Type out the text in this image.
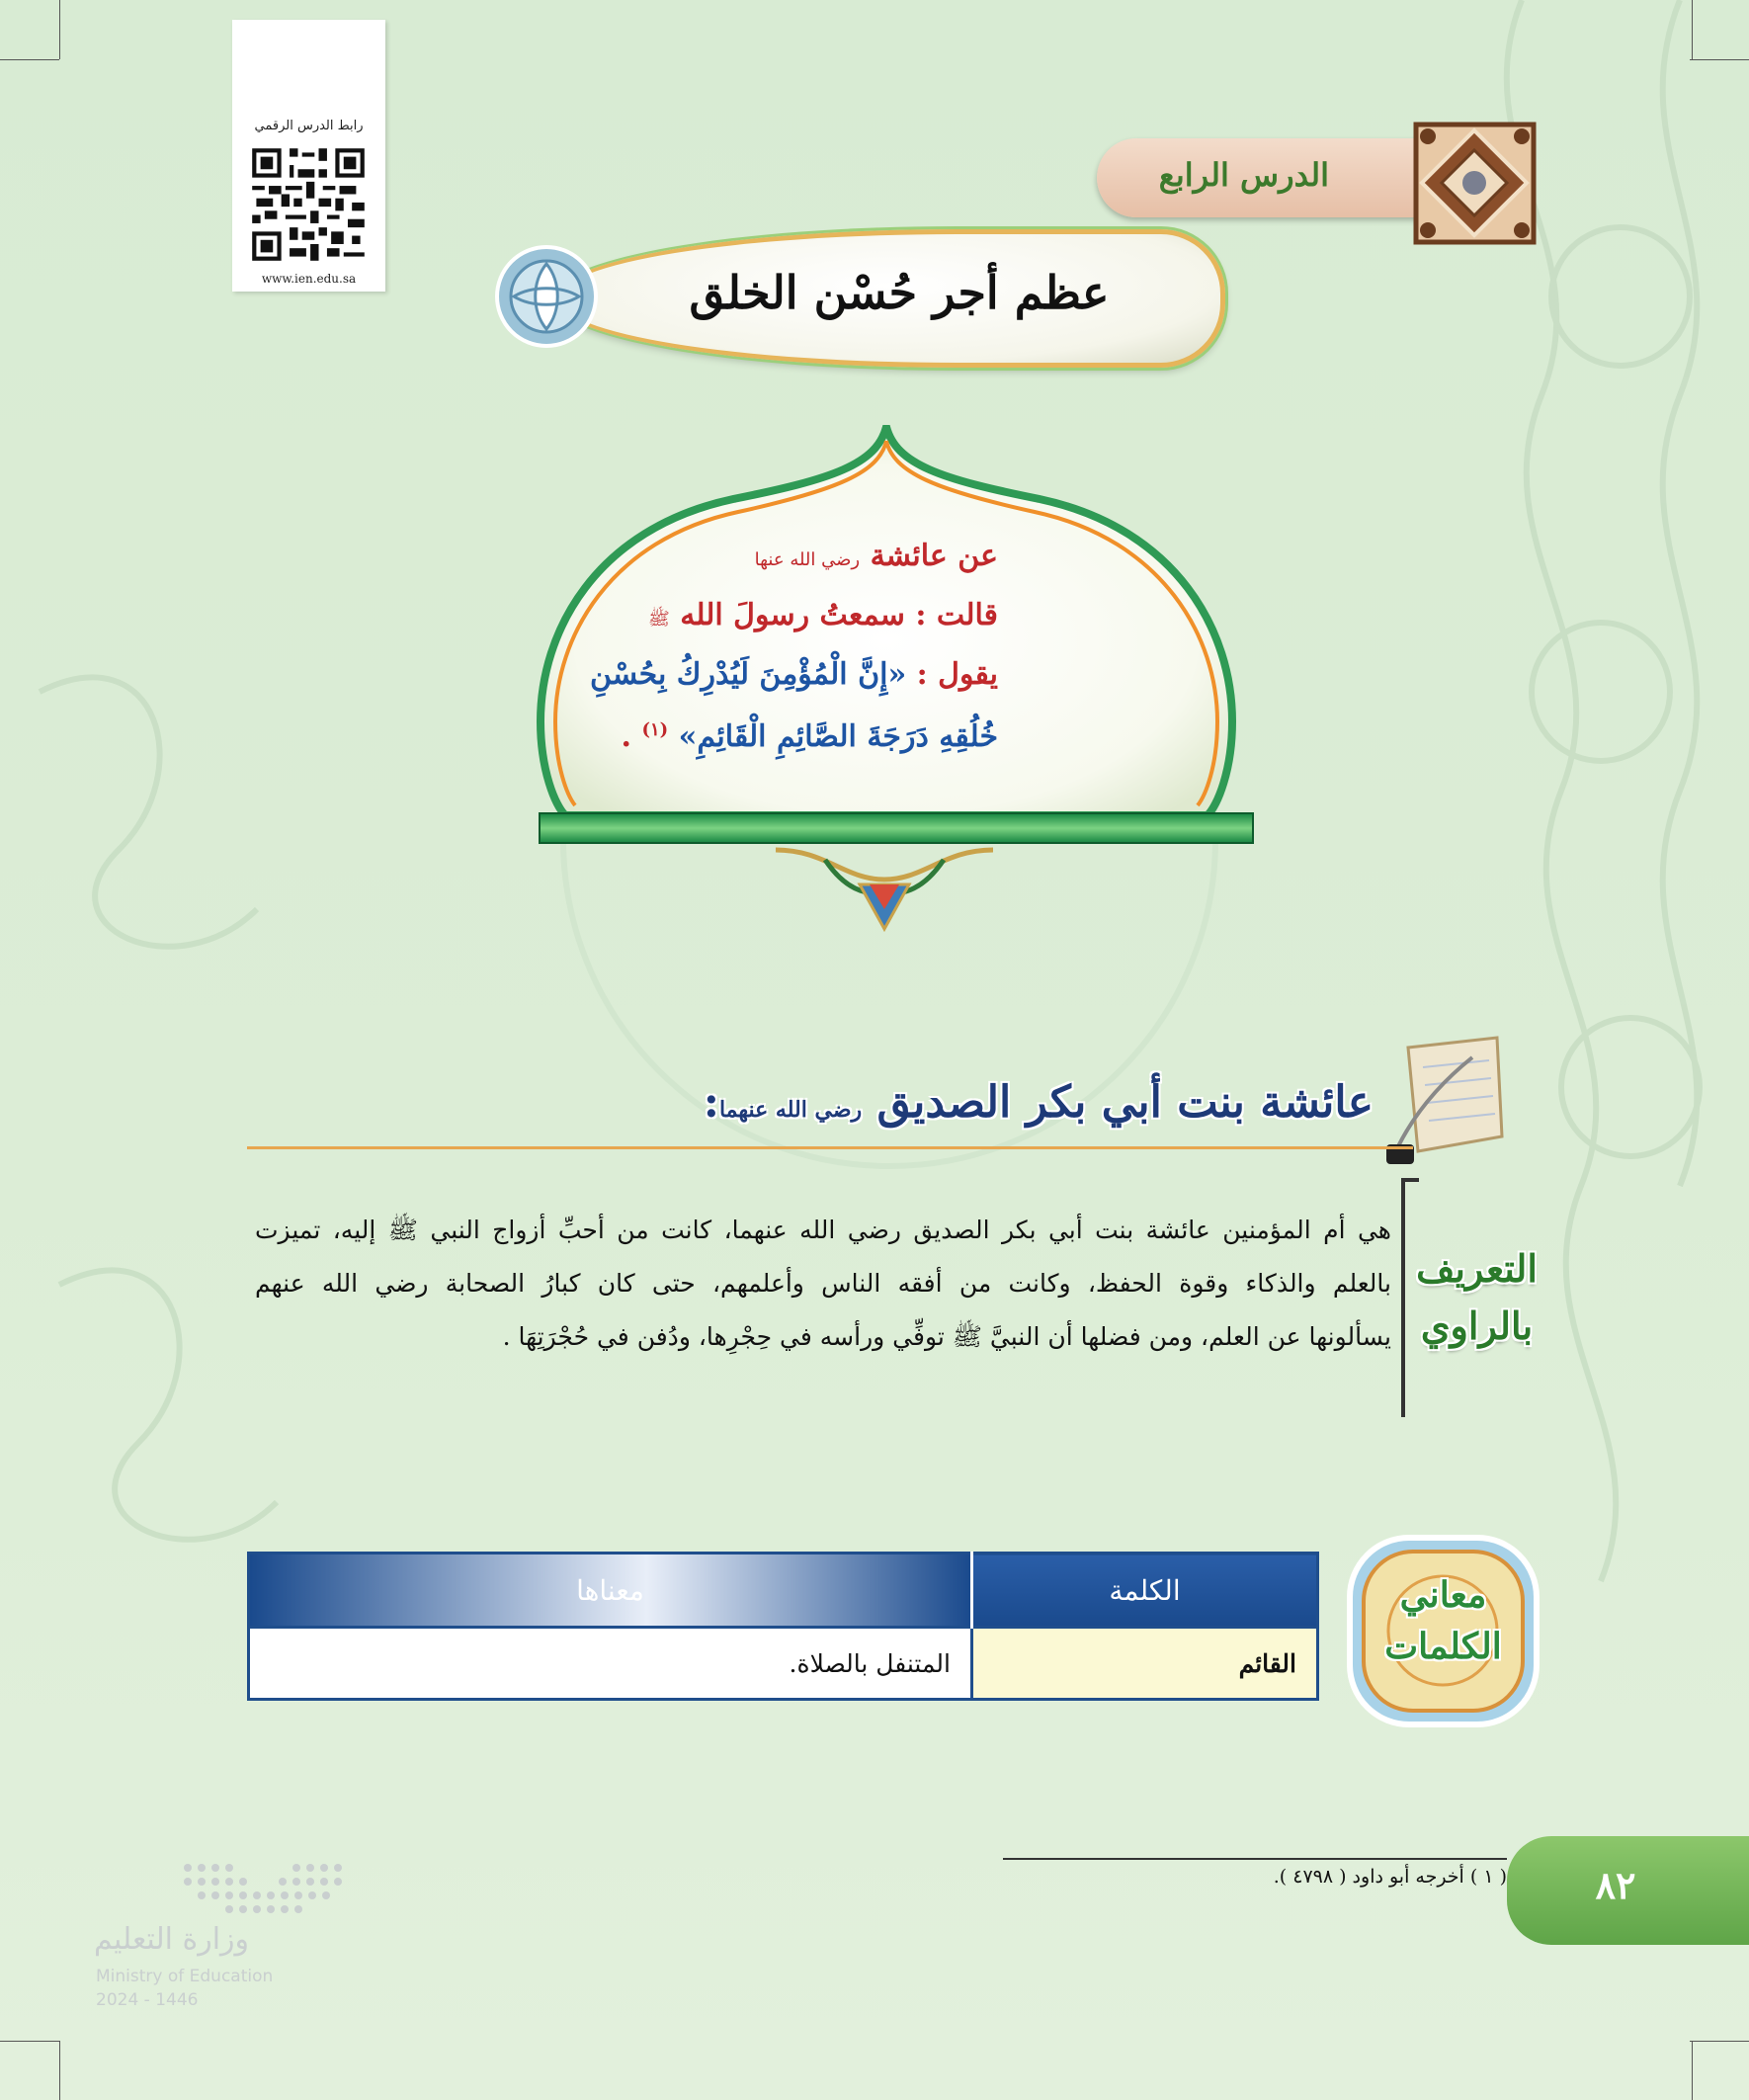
رابط الدرس الرقمي
www.ien.edu.sa
الدرس الرابع
عظم أجر حُسْن الخلق
عن عائشة رضي الله عنها
قالت : سمعتُ رسولَ الله ﷺ
يقول : «إِنَّ الْمُؤْمِنَ لَيُدْرِكُ بِحُسْنِ
خُلُقِهِ دَرَجَةَ الصَّائِمِ الْقَائِمِ» $^{(١)}$ .
عائشة بنت أبي بكر الصديق رضي الله عنهما:
التعريف
بالراوي
هي أم المؤمنين عائشة بنت أبي بكر الصديق رضي الله عنهما، كانت من أحبِّ أزواج النبي ﷺ إليه، تميزت
بالعلم والذكاء وقوة الحفظ، وكانت من أفقه الناس وأعلمهم، حتى كان كبارُ الصحابة رضي الله عنهم
يسألونها عن العلم، ومن فضلها أن النبيَّ ﷺ توفِّي ورأسه في حِجْرِها، ودُفن في حُجْرَتِهَا .
معاني
الكلمات
الكلمة	معناها
القائم	المتنفل بالصلاة.
( ١ ) أخرجه أبو داود ( ٤٧٩٨ ).	٨٢
وزارة التعليم
Ministry of Education
2024 - 1446
